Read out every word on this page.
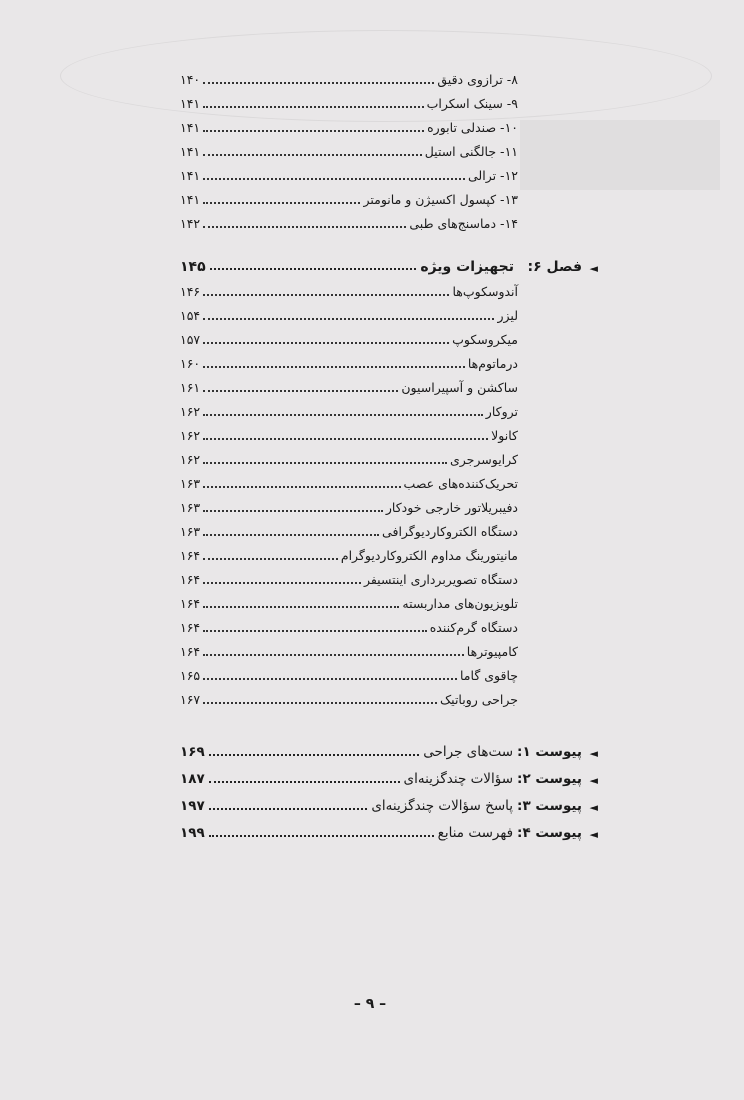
۸- ترازوی دقیق
۱۴۰
۹- سینک اسکراب
۱۴۱
۱۰- صندلی تابوره
۱۴۱
۱۱- جالگنی استیل
۱۴۱
۱۲- ترالی
۱۴۱
۱۳- کپسول اکسیژن و مانومتر
۱۴۱
۱۴- دماسنج‌های طبی
۱۴۲
◄
فصل ۶:
تجهیزات ویژه
۱۴۵
آندوسکوپ‌ها
۱۴۶
لیزر
۱۵۴
میکروسکوپ
۱۵۷
درماتوم‌ها
۱۶۰
ساکشن و آسپیراسیون
۱۶۱
تروکار
۱۶۲
کانولا
۱۶۲
کرایوسرجری
۱۶۲
تحریک‌کننده‌های عصب
۱۶۳
دفیبریلاتور خارجی خودکار
۱۶۳
دستگاه الکتروکاردیوگرافی
۱۶۳
مانیتورینگ مداوم الکتروکاردیوگرام
۱۶۴
دستگاه تصویربرداری اینتسیفر
۱۶۴
تلویزیون‌های مداربسته
۱۶۴
دستگاه گرم‌کننده
۱۶۴
کامپیوترها
۱۶۴
چاقوی گاما
۱۶۵
جراحی روباتیک
۱۶۷
◄
پیوست ۱:
ست‌های جراحی
۱۶۹
◄
پیوست ۲:
سؤالات چندگزینه‌ای
۱۸۷
◄
پیوست ۳:
پاسخ سؤالات چندگزینه‌ای
۱۹۷
◄
پیوست ۴:
فهرست منابع
۱۹۹
– ۹ –
